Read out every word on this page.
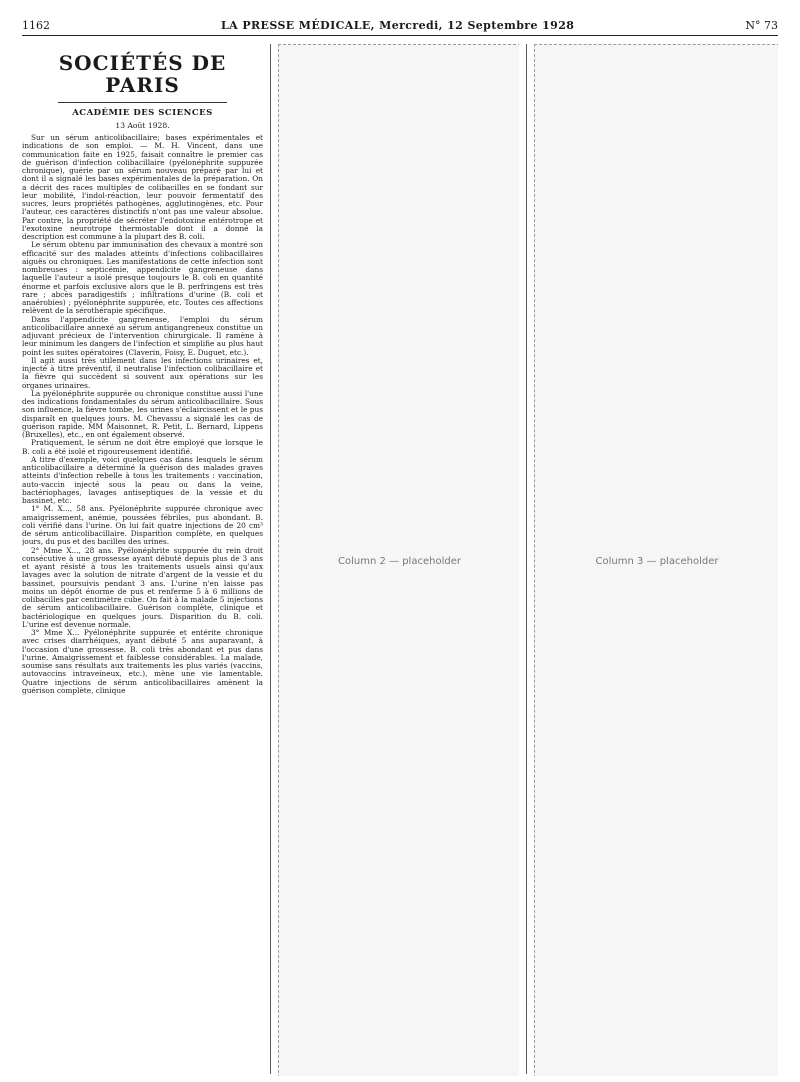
1162	LA PRESSE MÉDICALE, Mercredi, 12 Septembre 1928	N° 73
SOCIÉTÉS DE PARIS
ACADÉMIE DES SCIENCES
13 Août 1928.

Sur un sérum anticolibacillaire; bases expérimentales et indications de son emploi. — M. H. Vincent, dans une communication faite en 1925, faisait connaître le premier cas de guérison d'infection colibacillaire (pyélonéphrite suppurée chronique), guérie par un sérum nouveau préparé par lui et dont il a signalé les bases expérimentales de la préparation. On a décrit des races multiples de colibacilles en se fondant sur leur mobilité, l'indol-réaction, leur pouvoir fermentatif des sucres, leurs propriétés pathogènes, agglutinogènes, etc. Pour l'auteur, ces caractères distinctifs n'ont pas une valeur absolue. Par contre, la propriété de sécréter l'endotoxine entérotrope et l'exotoxine neurotrope thermostable dont il a donné la description est commune à la plupart des B. coli.

Le sérum obtenu par immunisation des chevaux a montré son efficacité sur des malades atteints d'infections colibacillaires aiguës ou chroniques. Les manifestations de cette infection sont nombreuses : septicémie, appendicite gangreneuse dans laquelle l'auteur a isolé presque toujours le B. coli en quantité énorme et parfois exclusive alors que le B. perfringens est très rare ; abcès paradigestifs ; infiltrations d'urine (B. coli et anaérobies) ; pyélonéphrite suppurée, etc. Toutes ces affections relèvent de la sérothérapie spécifique.

Dans l'appendicite gangreneuse, l'emploi du sérum anticolibacillaire annexé au sérum antigangreneux constitue un adjuvant précieux de l'intervention chirurgicale. Il ramène à leur minimum les dangers de l'infection et simplifie au plus haut point les suites opératoires (Claverin, Foisy, E. Duguet, etc.).

Il agit aussi très utilement dans les infections urinaires et, injecté à titre préventif, il neutralise l'infection colibacillaire et la fièvre qui succèdent si souvent aux opérations sur les organes urinaires.

La pyélonéphrite suppurée ou chronique constitue aussi l'une des indications fondamentales du sérum anticolibacillaire. Sous son influence, la fièvre tombe, les urines s'éclaircissent et le pus disparaît en quelques jours. M. Chevassu a signalé les cas de guérison rapide. MM Maisonnet, R. Petit, L. Bernard, Lippens (Bruxelles), etc., en ont également observé.

Pratiquement, le sérum ne doit être employé que lorsque le B. coli a été isolé et rigoureusement identifié.

A titre d'exemple, voici quelques cas dans lesquels le sérum anticolibacillaire a déterminé la guérison des malades graves atteints d'infection rebelle à tous les traitements : vaccination, auto-vaccin injecté sous la peau ou dans la veine, bactériophages, lavages antiseptiques de la vessie et du bassinet, etc.

1° M. X..., 58 ans. Pyélonéphrite suppurée chronique avec amaigrissement, anémie, poussées fébriles, pus abondant. B. coli vérifié dans l'urine. On lui fait quatre injections de 20 cm³ de sérum anticolibacillaire. Disparition complète, en quelques jours, du pus et des bacilles des urines.

2° Mme X..., 28 ans. Pyélonéphrite suppurée du rein droit consécutive à une grossesse ayant débuté depuis plus de 3 ans et ayant résisté à tous les traitements usuels ainsi qu'aux lavages avec la solution de nitrate d'argent de la vessie et du bassinet, poursuivis pendant 3 ans. L'urine n'en laisse pas moins un dépôt énorme de pus et renferme 5 à 6 millions de colibacilles par centimètre cube. On fait à la malade 5 injections de sérum anticolibacillaire. Guérison complète, clinique et bactériologique en quelques jours. Disparition du B. coli. L'urine est devenue normale.

3° Mme X... Pyélonéphrite suppurée et entérite chronique avec crises diarrhéiques, ayant débuté 5 ans auparavant, à l'occasion d'une grossesse. B. coli très abondant et pus dans l'urine. Amaigrissement et faiblesse considérables. La malade, soumise sans résultats aux traitements les plus variés (vaccins, autovaccins intraveineux, etc.), mène une vie lamentable. Quatre injections de sérum anticolibacillaires amènent la guérison complète, clinique

Column 2 — placeholder	Column 3 — placeholder
